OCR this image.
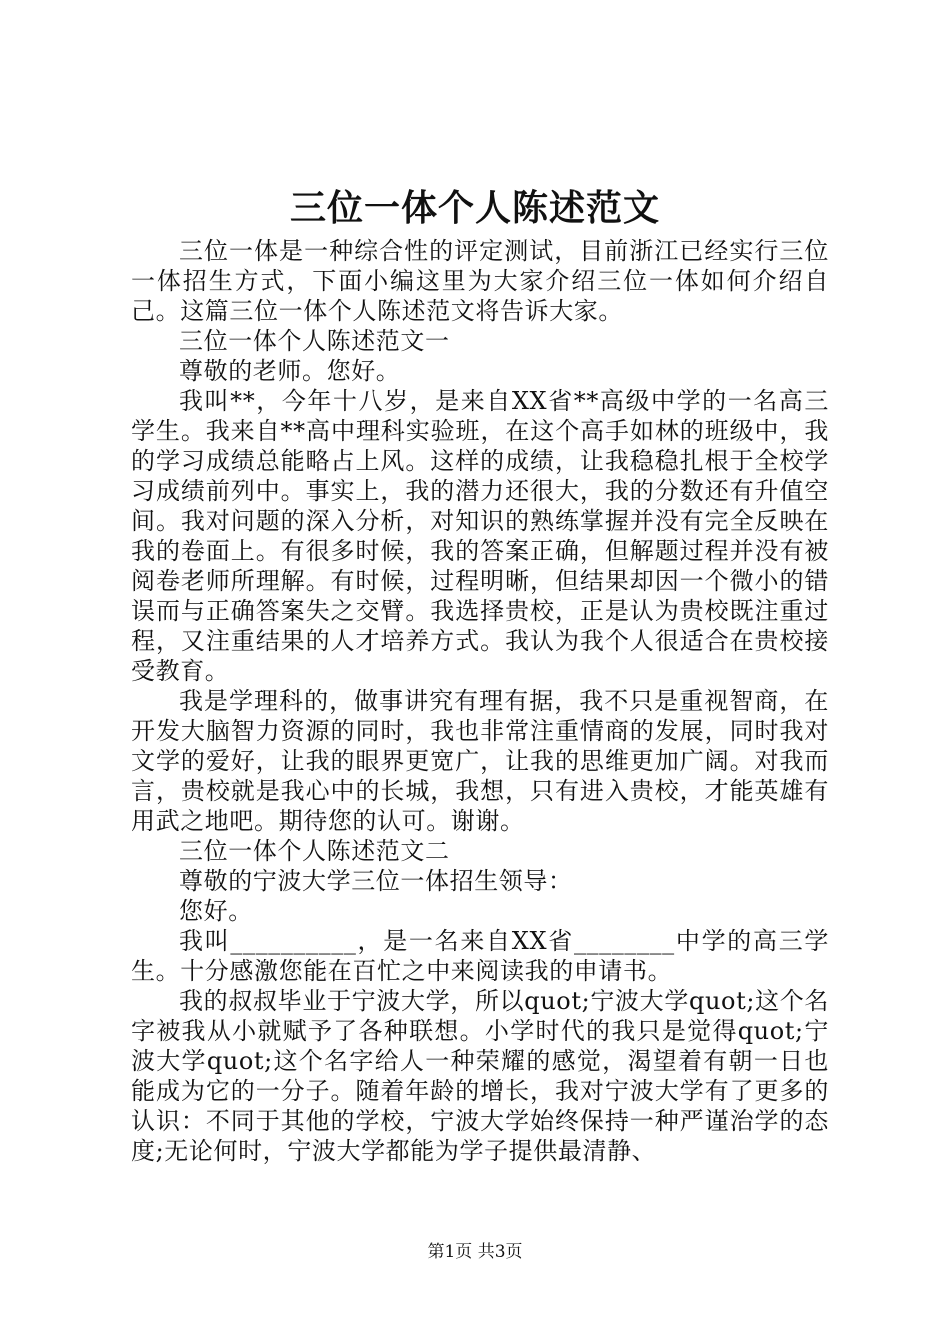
三位一体个人陈述范文

三位一体是一种综合性的评定测试，目前浙江已经实行三位一体招生方式，下面小编这里为大家介绍三位一体如何介绍自己。这篇三位一体个人陈述范文将告诉大家。

三位一体个人陈述范文一

尊敬的老师。您好。

我叫**，今年十八岁，是来自XX省**高级中学的一名高三学生。我来自**高中理科实验班，在这个高手如林的班级中，我的学习成绩总能略占上风。这样的成绩，让我稳稳扎根于全校学习成绩前列中。事实上，我的潜力还很大，我的分数还有升值空间。我对问题的深入分析，对知识的熟练掌握并没有完全反映在我的卷面上。有很多时候，我的答案正确，但解题过程并没有被阅卷老师所理解。有时候，过程明晰，但结果却因一个微小的错误而与正确答案失之交臂。我选择贵校，正是认为贵校既注重过程，又注重结果的人才培养方式。我认为我个人很适合在贵校接受教育。

我是学理科的，做事讲究有理有据，我不只是重视智商，在开发大脑智力资源的同时，我也非常注重情商的发展，同时我对文学的爱好，让我的眼界更宽广，让我的思维更加广阔。对我而言，贵校就是我心中的长城，我想，只有进入贵校，才能英雄有用武之地吧。期待您的认可。谢谢。

三位一体个人陈述范文二

尊敬的宁波大学三位一体招生领导：

您好。

我叫__________，是一名来自XX省________中学的高三学生。十分感激您能在百忙之中来阅读我的申请书。

我的叔叔毕业于宁波大学，所以quot;宁波大学quot;这个名字被我从小就赋予了各种联想。小学时代的我只是觉得quot;宁波大学quot;这个名字给人一种荣耀的感觉，渴望着有朝一日也能成为它的一分子。随着年龄的增长，我对宁波大学有了更多的认识：不同于其他的学校，宁波大学始终保持一种严谨治学的态度;无论何时，宁波大学都能为学子提供最清静、

第1页 共3页
